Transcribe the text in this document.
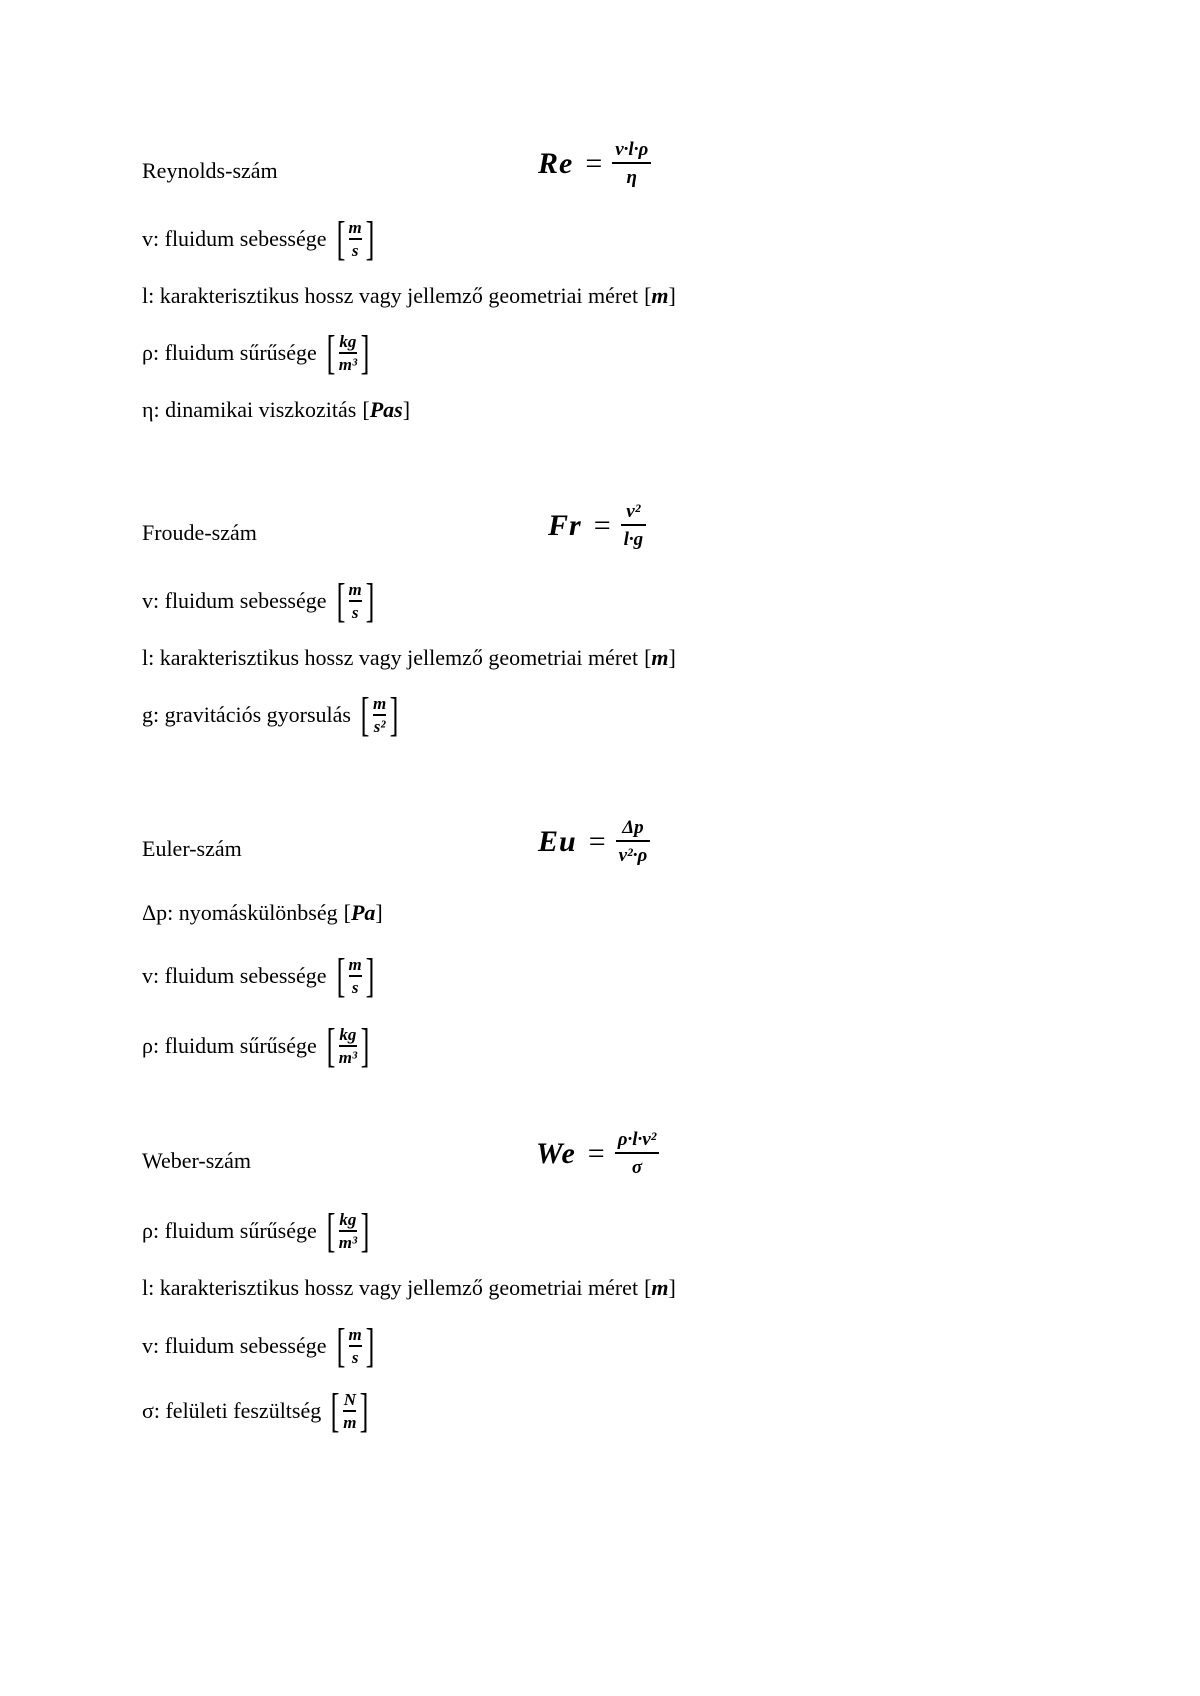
Reynolds-szám	$Re = \frac{v\cdot l\cdot\rho}{\eta}$
v: fluidum sebessége [ m
s ]
l: karakterisztikus hossz vagy jellemző geometriai méret [m]
ρ: fluidum sűrűsége [ kg
m³ ]
η: dinamikai viszkozitás [Pas]
Froude-szám	$Fr = \frac{\text{v²}}{l\cdot g}$
v: fluidum sebessége [ m
s ]
l: karakterisztikus hossz vagy jellemző geometriai méret [m]
g: gravitációs gyorsulás [ m
s² ]
Euler-szám	$Eu = \frac{\Delta p}{\text{v²·ρ}}$
Δp: nyomáskülönbség [Pa]
v: fluidum sebessége [ m
s ]
ρ: fluidum sűrűsége [ kg
m³ ]
Weber-szám	$We = \frac{\text{ρ·l·v²}}{\sigma}$
ρ: fluidum sűrűsége [ kg
m³ ]
l: karakterisztikus hossz vagy jellemző geometriai méret [m]
v: fluidum sebessége [ m
s ]
σ: felületi feszültség [ N
m ]
